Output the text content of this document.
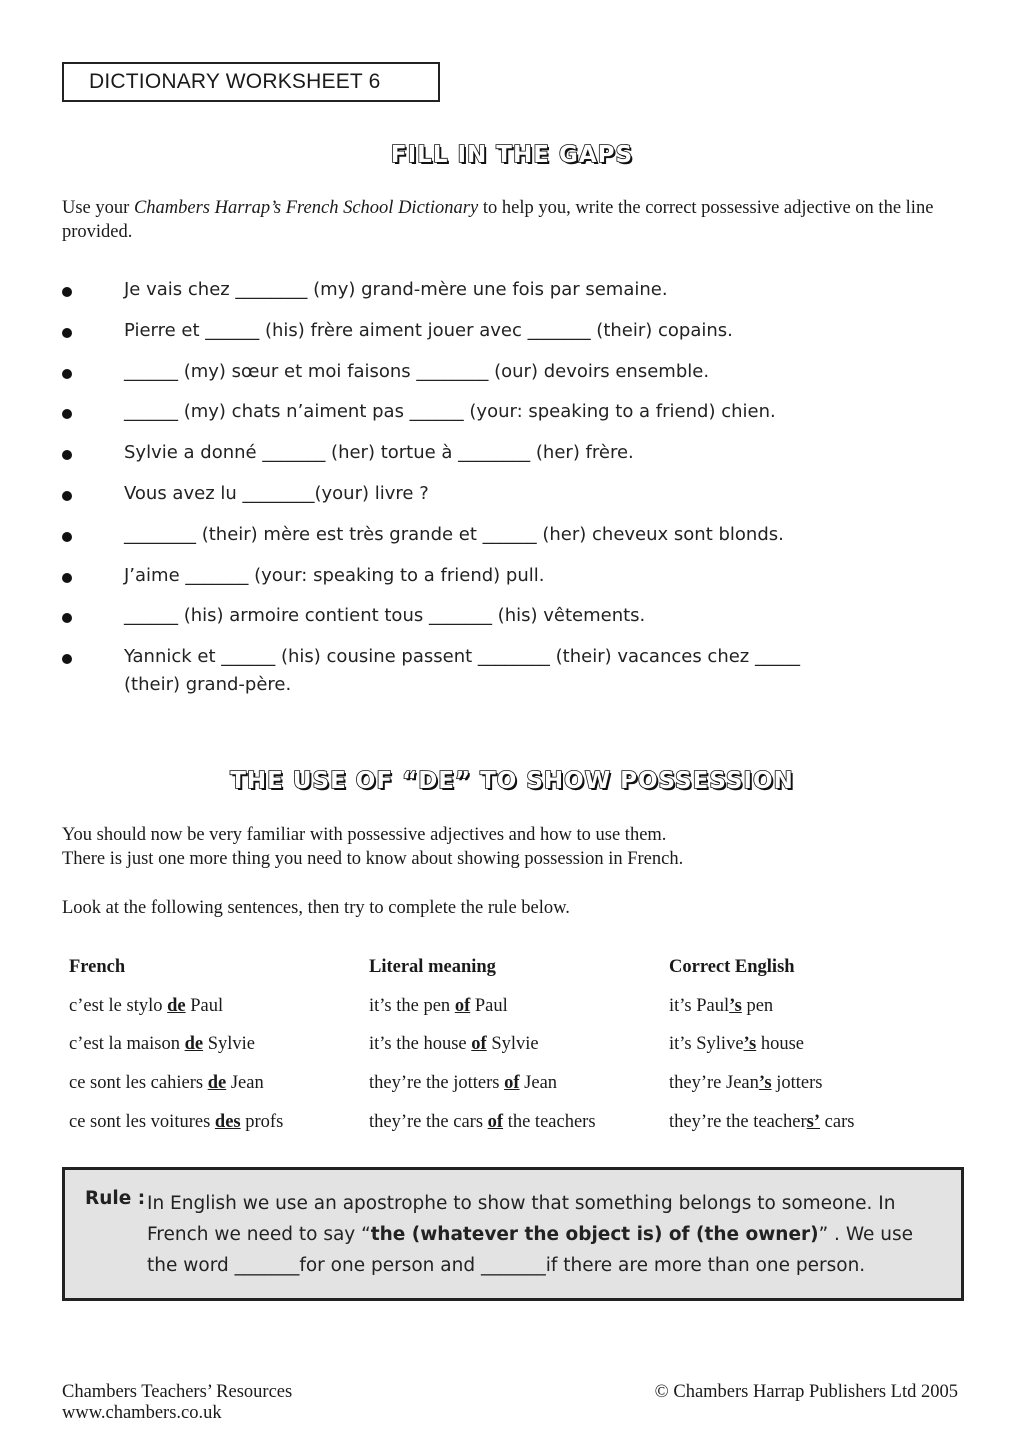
DICTIONARY WORKSHEET 6
FILL IN THE GAPS
Use your Chambers Harrap’s French School Dictionary to help you, write the correct possessive adjective on the line provided.
Je vais chez ________ (my) grand-mère une fois par semaine.
Pierre et ______ (his) frère aiment jouer avec _______ (their) copains.
______ (my) sœur et moi faisons ________ (our) devoirs ensemble.
______ (my) chats n’aiment pas ______ (your: speaking to a friend) chien.
Sylvie a donné _______ (her) tortue à ________ (her) frère.
Vous avez lu ________(your) livre ?
________ (their) mère est très grande et ______ (her) cheveux sont blonds.
J’aime _______ (your: speaking to a friend) pull.
______ (his) armoire contient tous _______ (his) vêtements.
Yannick et ______ (his) cousine passent ________ (their) vacances chez _____
(their) grand-père.
THE USE OF “DE” TO SHOW POSSESSION
You should now be very familiar with possessive adjectives and how to use them.
There is just one more thing you need to know about showing possession in French.
Look at the following sentences, then try to complete the rule below.
French	Literal meaning	Correct English
c’est le stylo de Paul	it’s the pen of Paul	it’s Paul’s pen
c’est la maison de Sylvie	it’s the house of Sylvie	it’s Sylive’s house
ce sont les cahiers de Jean	they’re the jotters of Jean	they’re Jean’s jotters
ce sont les voitures des profs	they’re the cars of the teachers	they’re the teachers’ cars
Rule : In English we use an apostrophe to show that something belongs to someone. In French we need to say “the (whatever the object is) of (the owner)” . We use the word _______for one person and _______if there are more than one person.
Chambers Teachers’ Resources
www.chambers.co.uk
© Chambers Harrap Publishers Ltd 2005
